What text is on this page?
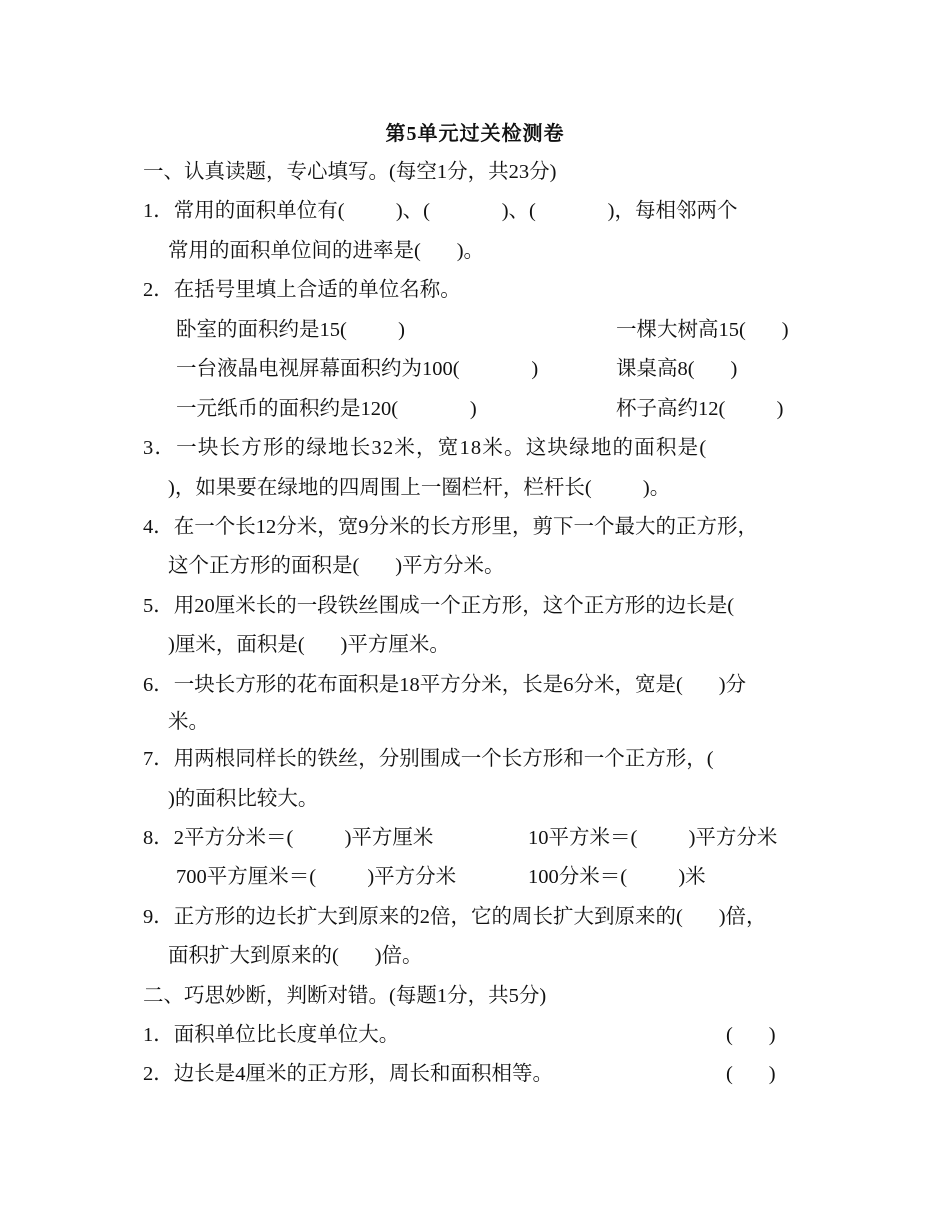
第5单元过关检测卷
一、认真读题，专心填写。(每空1分，共23分)
1．常用的面积单位有(          )、(              )、(              )，每相邻两个
常用的面积单位间的进率是(       )。
2．在括号里填上合适的单位名称。
卧室的面积约是15(          )	一棵大树高15(       )
一台液晶电视屏幕面积约为100(              )	课桌高8(       )
一元纸币的面积约是120(              )	杯子高约12(          )
3．一块长方形的绿地长32米，宽18米。这块绿地的面积是(
)，如果要在绿地的四周围上一圈栏杆，栏杆长(          )。
4．在一个长12分米，宽9分米的长方形里，剪下一个最大的正方形，
这个正方形的面积是(       )平方分米。
5．用20厘米长的一段铁丝围成一个正方形，这个正方形的边长是(
)厘米，面积是(       )平方厘米。
6．一块长方形的花布面积是18平方分米，长是6分米，宽是(       )分
米。
7．用两根同样长的铁丝，分别围成一个长方形和一个正方形，(
)的面积比较大。
8．2平方分米＝(          )平方厘米	10平方米＝(          )平方分米
700平方厘米＝(          )平方分米	100分米＝(          )米
9．正方形的边长扩大到原来的2倍，它的周长扩大到原来的(       )倍，
面积扩大到原来的(       )倍。
二、巧思妙断，判断对错。(每题1分，共5分)
1．面积单位比长度单位大。	(       )
2．边长是4厘米的正方形，周长和面积相等。	(       )
